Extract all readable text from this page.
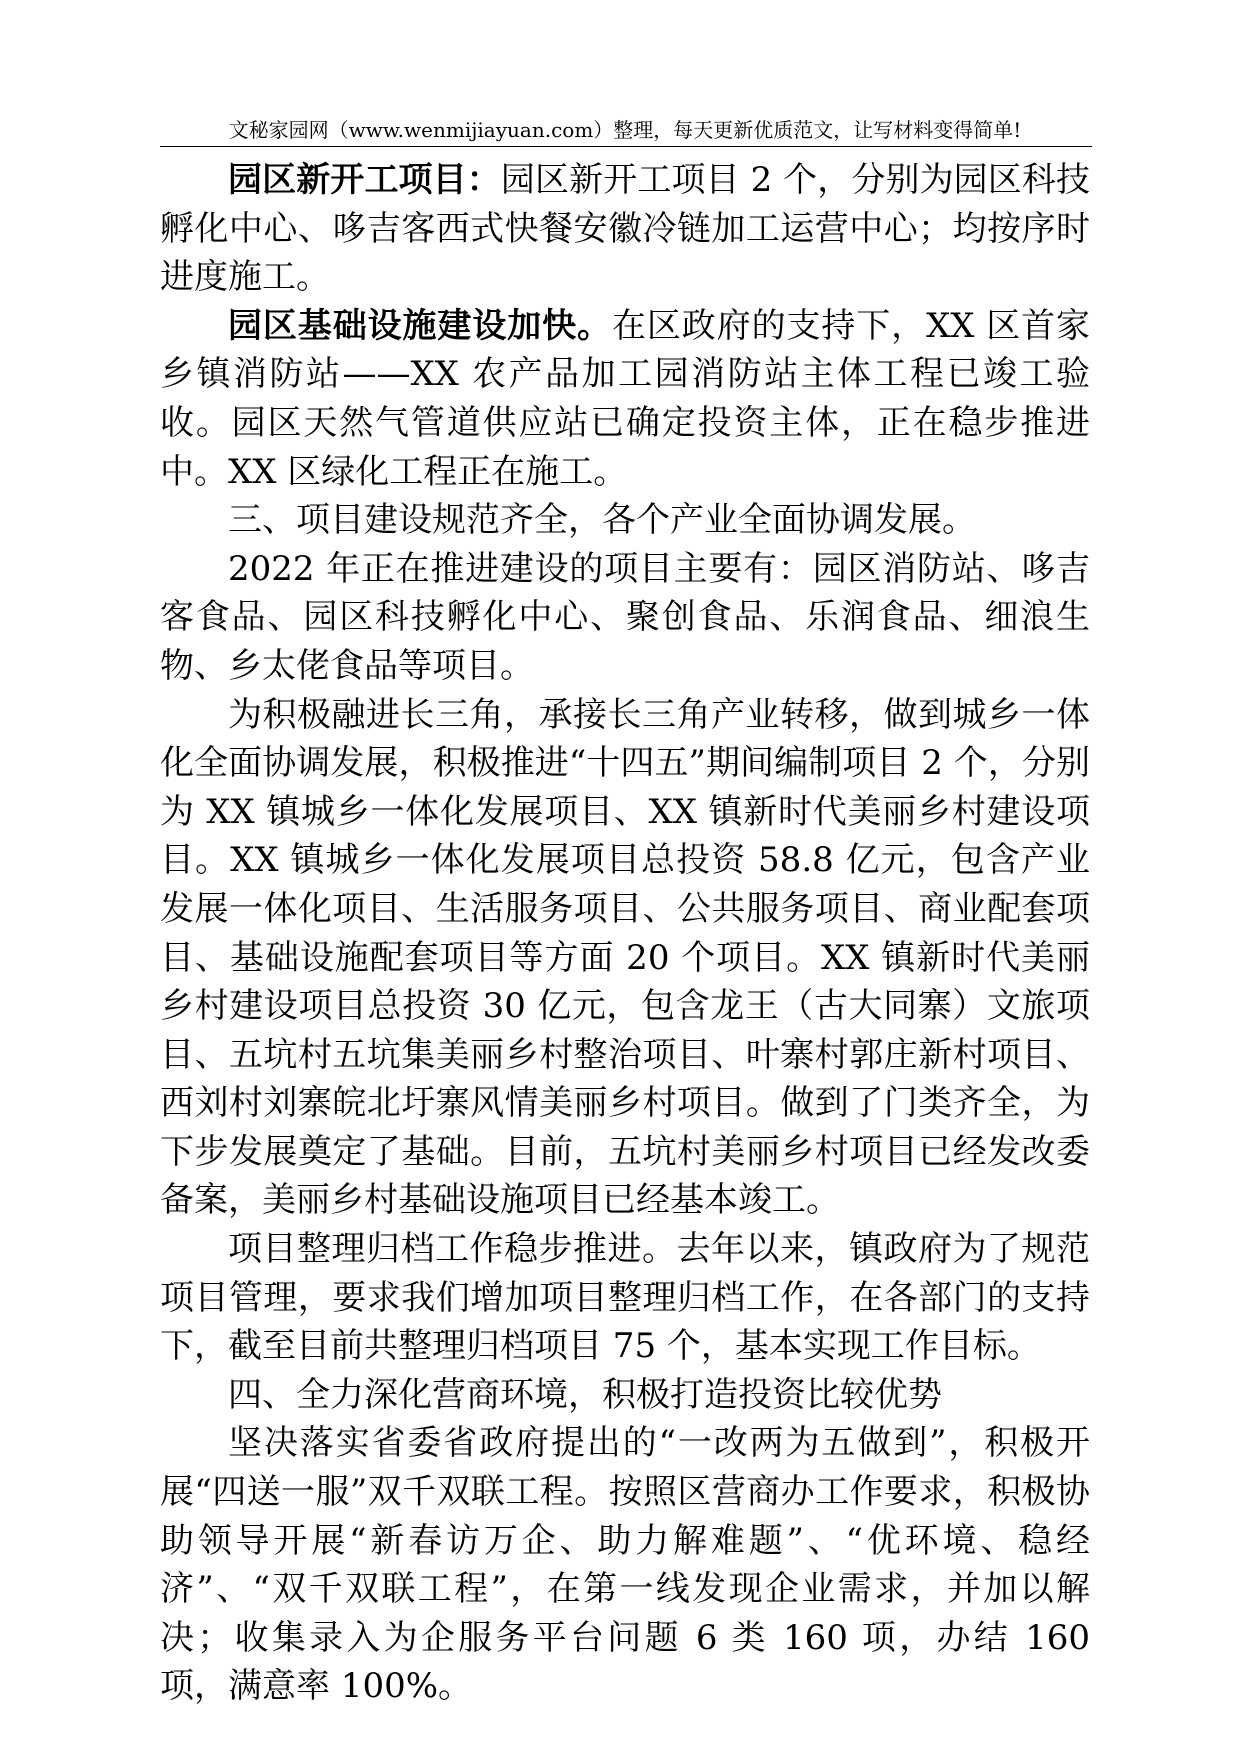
文秘家园网（www.wenmijiayuan.com）整理，每天更新优质范文，让写材料变得简单!

园区新开工项目：园区新开工项目 2 个，分别为园区科技孵化中心、哆吉客西式快餐安徽冷链加工运营中心；均按序时进度施工。

园区基础设施建设加快。在区政府的支持下，XX 区首家乡镇消防站——XX 农产品加工园消防站主体工程已竣工验收。园区天然气管道供应站已确定投资主体，正在稳步推进中。XX 区绿化工程正在施工。

三、项目建设规范齐全，各个产业全面协调发展。

2022 年正在推进建设的项目主要有：园区消防站、哆吉客食品、园区科技孵化中心、聚创食品、乐润食品、细浪生物、乡太佬食品等项目。

为积极融进长三角，承接长三角产业转移，做到城乡一体化全面协调发展，积极推进“十四五”期间编制项目 2 个，分别为 XX 镇城乡一体化发展项目、XX 镇新时代美丽乡村建设项目。XX 镇城乡一体化发展项目总投资 58.8 亿元，包含产业发展一体化项目、生活服务项目、公共服务项目、商业配套项目、基础设施配套项目等方面 20 个项目。XX 镇新时代美丽乡村建设项目总投资 30 亿元，包含龙王（古大同寨）文旅项目、五坑村五坑集美丽乡村整治项目、叶寨村郭庄新村项目、西刘村刘寨皖北圩寨风情美丽乡村项目。做到了门类齐全，为下步发展奠定了基础。目前，五坑村美丽乡村项目已经发改委备案，美丽乡村基础设施项目已经基本竣工。

项目整理归档工作稳步推进。去年以来，镇政府为了规范项目管理，要求我们增加项目整理归档工作，在各部门的支持下，截至目前共整理归档项目 75 个，基本实现工作目标。

四、全力深化营商环境，积极打造投资比较优势

坚决落实省委省政府提出的“一改两为五做到”，积极开展“四送一服”双千双联工程。按照区营商办工作要求，积极协助领导开展“新春访万企、助力解难题”、“优环境、稳经济”、“双千双联工程”，在第一线发现企业需求，并加以解决；收集录入为企服务平台问题 6 类 160 项，办结 160 项，满意率 100%。
